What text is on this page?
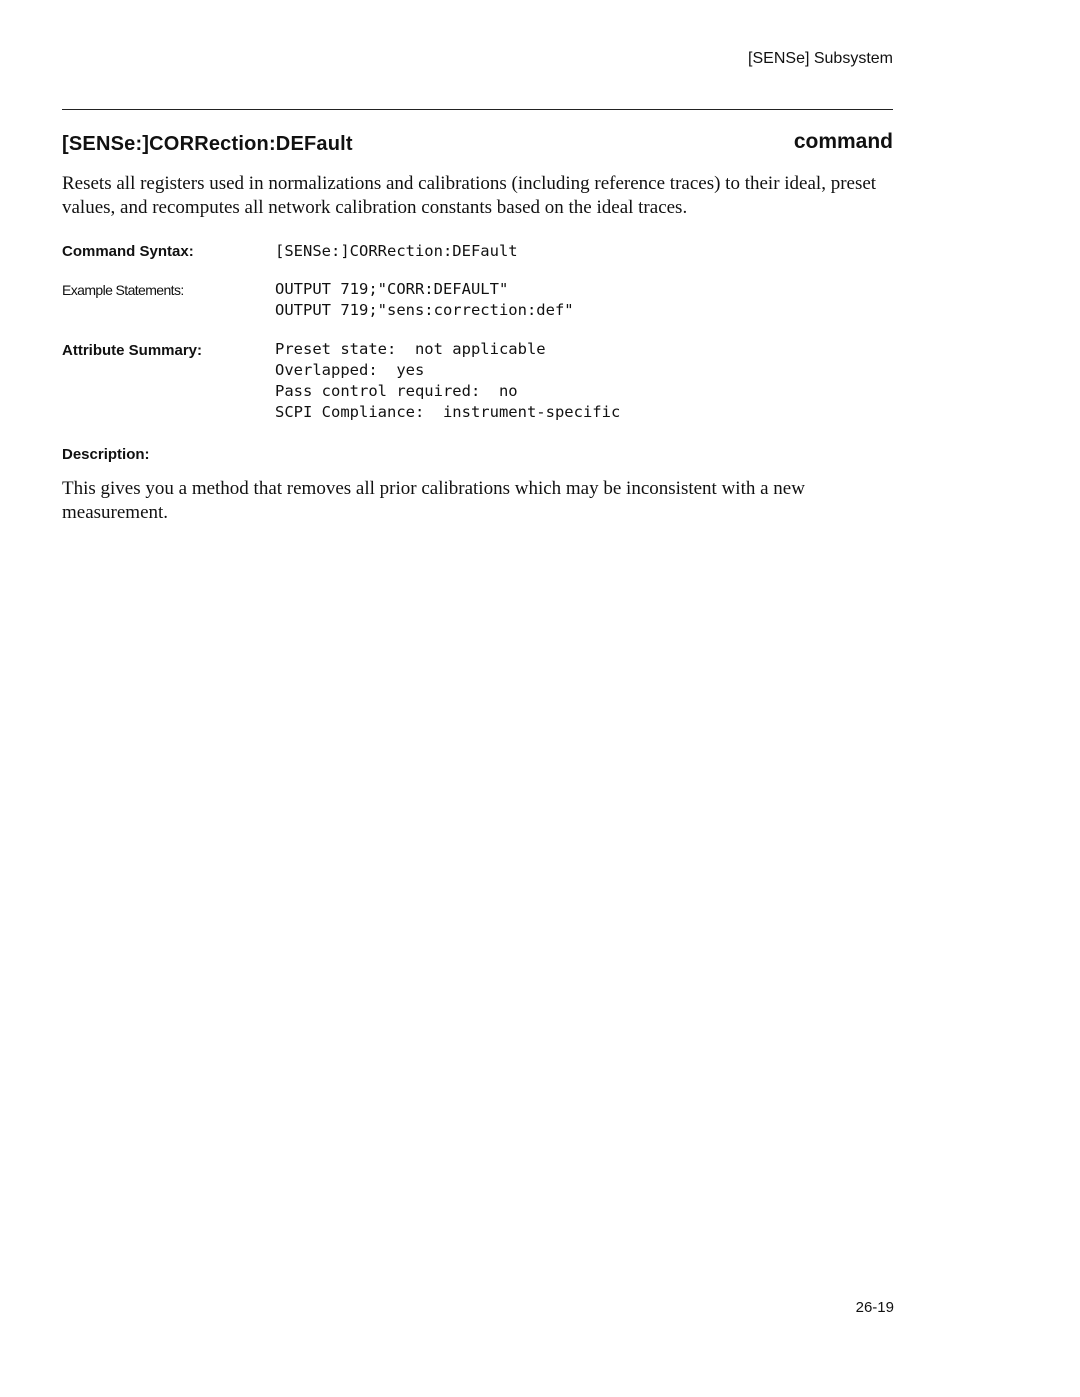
[SENSe] Subsystem
[SENSe:]CORRection:DEFault	command
Resets all registers used in normalizations and calibrations (including reference traces) to their ideal, preset values, and recomputes all network calibration constants based on the ideal traces.
Command Syntax:	[SENSe:]CORRection:DEFault
Example Statements:	OUTPUT 719;"CORR:DEFAULT"
OUTPUT 719;"sens:correction:def"
Attribute Summary:	Preset state:  not applicable
Overlapped:  yes
Pass control required:  no
SCPI Compliance:  instrument-specific
Description:
This gives you a method that removes all prior calibrations which may be inconsistent with a new measurement.
26-19
